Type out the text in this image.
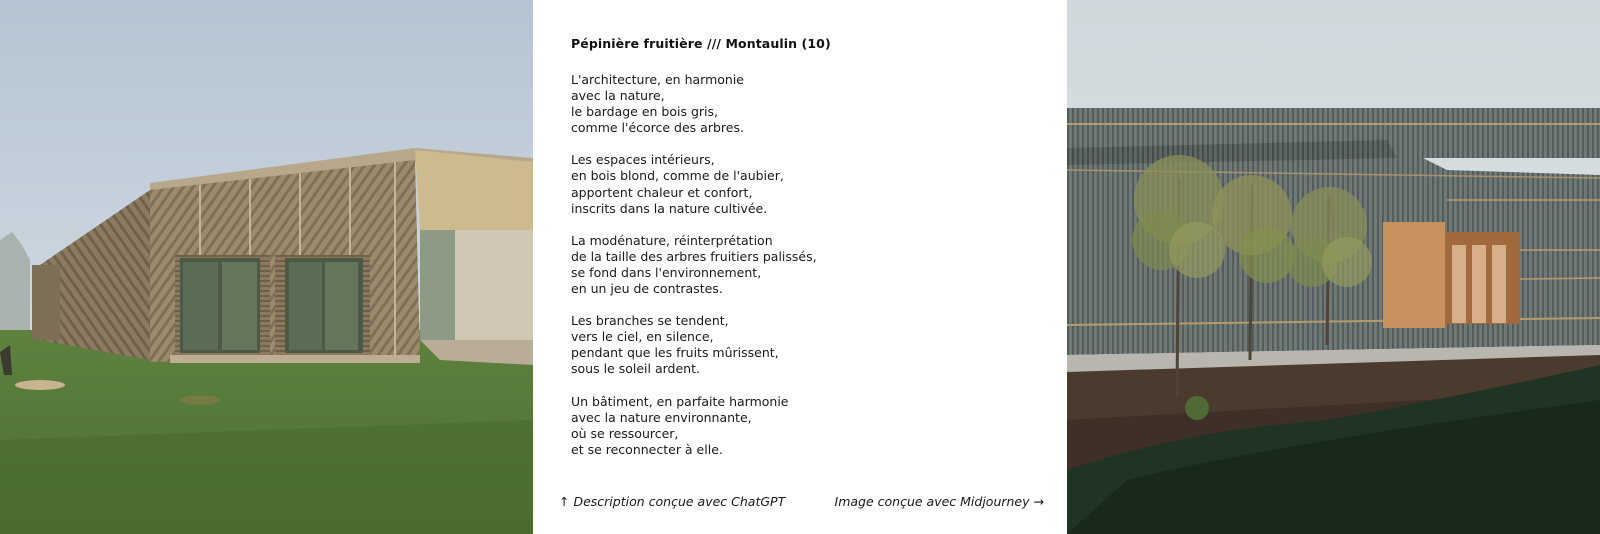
Pépinière fruitière /// Montaulin (10)
L'architecture, en harmonie
avec la nature,
le bardage en bois gris,
comme l'écorce des arbres.
Les espaces intérieurs,
en bois blond, comme de l'aubier,
apportent chaleur et confort,
inscrits dans la nature cultivée.
La modénature, réinterprétation
de la taille des arbres fruitiers palissés,
se fond dans l'environnement,
en un jeu de contrastes.
Les branches se tendent,
vers le ciel, en silence,
pendant que les fruits mûrissent,
sous le soleil ardent.
Un bâtiment, en parfaite harmonie
avec la nature environnante,
où se ressourcer,
et se reconnecter à elle.
↑ Description conçue avec ChatGPT	Image conçue avec Midjourney →
